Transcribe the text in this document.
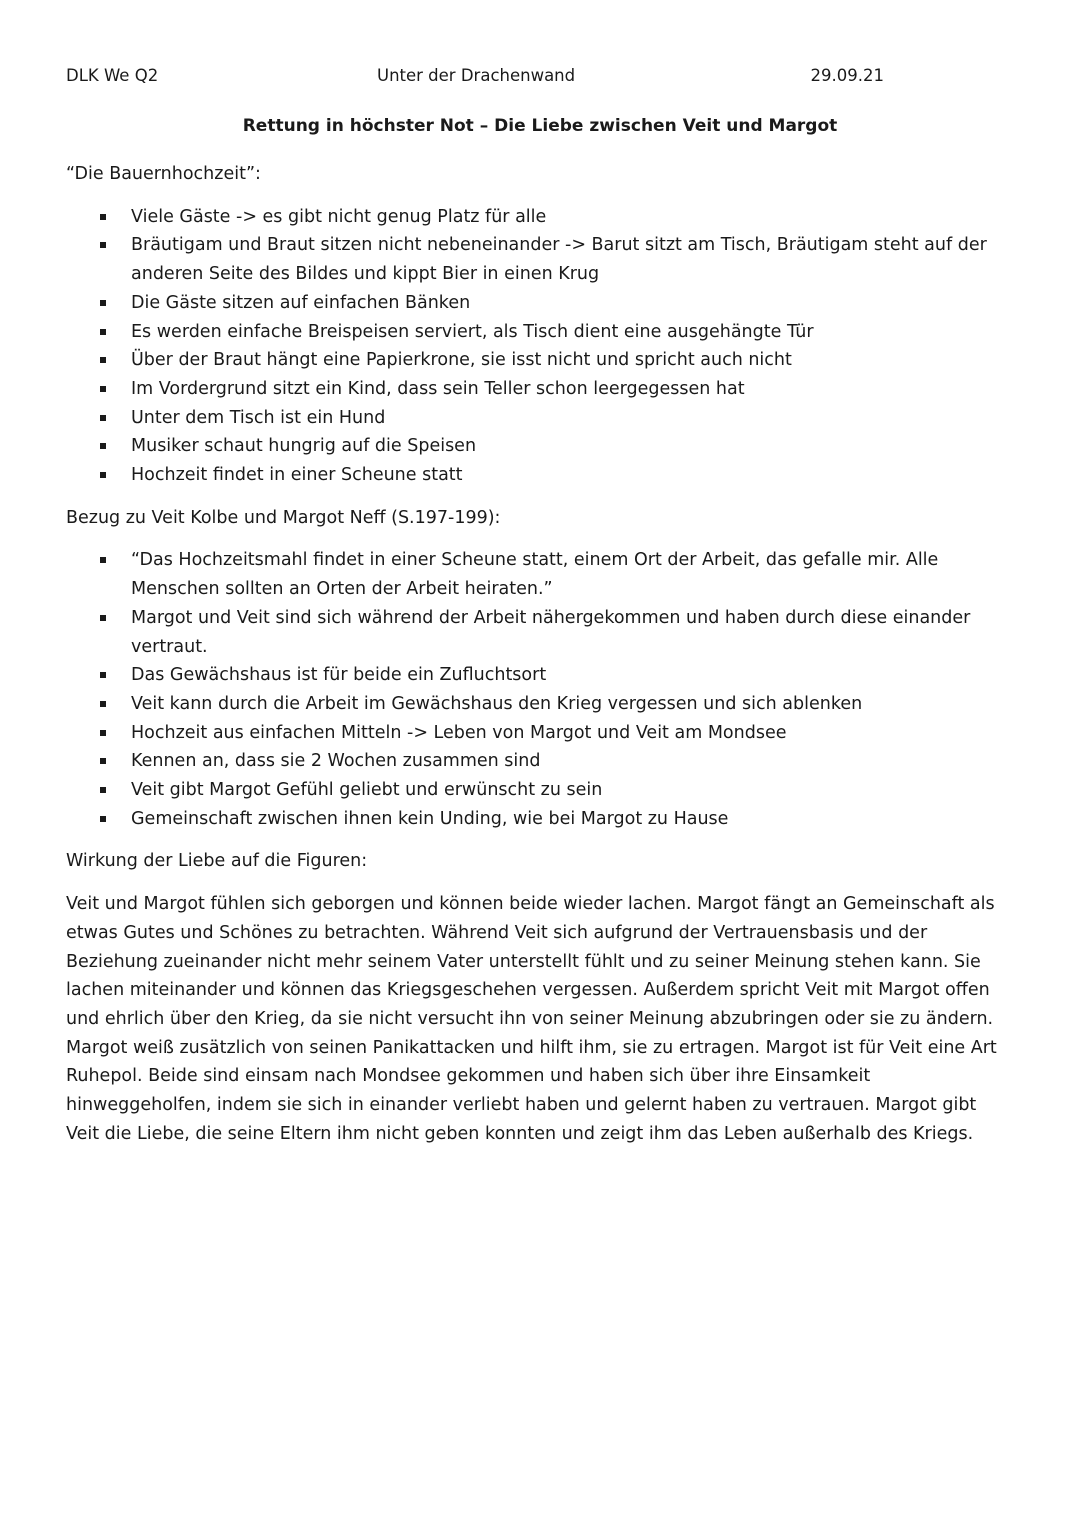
DLK We Q2	Unter der Drachenwand	29.09.21
Rettung in höchster Not – Die Liebe zwischen Veit und Margot

“Die Bauernhochzeit”:

Viele Gäste -> es gibt nicht genug Platz für alle
Bräutigam und Braut sitzen nicht nebeneinander -> Barut sitzt am Tisch, Bräutigam steht auf der anderen Seite des Bildes und kippt Bier in einen Krug
Die Gäste sitzen auf einfachen Bänken
Es werden einfache Breispeisen serviert, als Tisch dient eine ausgehängte Tür
Über der Braut hängt eine Papierkrone, sie isst nicht und spricht auch nicht
Im Vordergrund sitzt ein Kind, dass sein Teller schon leergegessen hat
Unter dem Tisch ist ein Hund
Musiker schaut hungrig auf die Speisen
Hochzeit findet in einer Scheune statt

Bezug zu Veit Kolbe und Margot Neff (S.197-199):

“Das Hochzeitsmahl findet in einer Scheune statt, einem Ort der Arbeit, das gefalle mir. Alle Menschen sollten an Orten der Arbeit heiraten.”
Margot und Veit sind sich während der Arbeit nähergekommen und haben durch diese einander vertraut.
Das Gewächshaus ist für beide ein Zufluchtsort
Veit kann durch die Arbeit im Gewächshaus den Krieg vergessen und sich ablenken
Hochzeit aus einfachen Mitteln -> Leben von Margot und Veit am Mondsee
Kennen an, dass sie 2 Wochen zusammen sind
Veit gibt Margot Gefühl geliebt und erwünscht zu sein
Gemeinschaft zwischen ihnen kein Unding, wie bei Margot zu Hause

Wirkung der Liebe auf die Figuren:

Veit und Margot fühlen sich geborgen und können beide wieder lachen. Margot fängt an Gemeinschaft als etwas Gutes und Schönes zu betrachten. Während Veit sich aufgrund der Vertrauensbasis und der Beziehung zueinander nicht mehr seinem Vater unterstellt fühlt und zu seiner Meinung stehen kann. Sie lachen miteinander und können das Kriegsgeschehen vergessen. Außerdem spricht Veit mit Margot offen und ehrlich über den Krieg, da sie nicht versucht ihn von seiner Meinung abzubringen oder sie zu ändern. Margot weiß zusätzlich von seinen Panikattacken und hilft ihm, sie zu ertragen. Margot ist für Veit eine Art Ruhepol. Beide sind einsam nach Mondsee gekommen und haben sich über ihre Einsamkeit hinweggeholfen, indem sie sich in einander verliebt haben und gelernt haben zu vertrauen. Margot gibt Veit die Liebe, die seine Eltern ihm nicht geben konnten und zeigt ihm das Leben außerhalb des Kriegs.
